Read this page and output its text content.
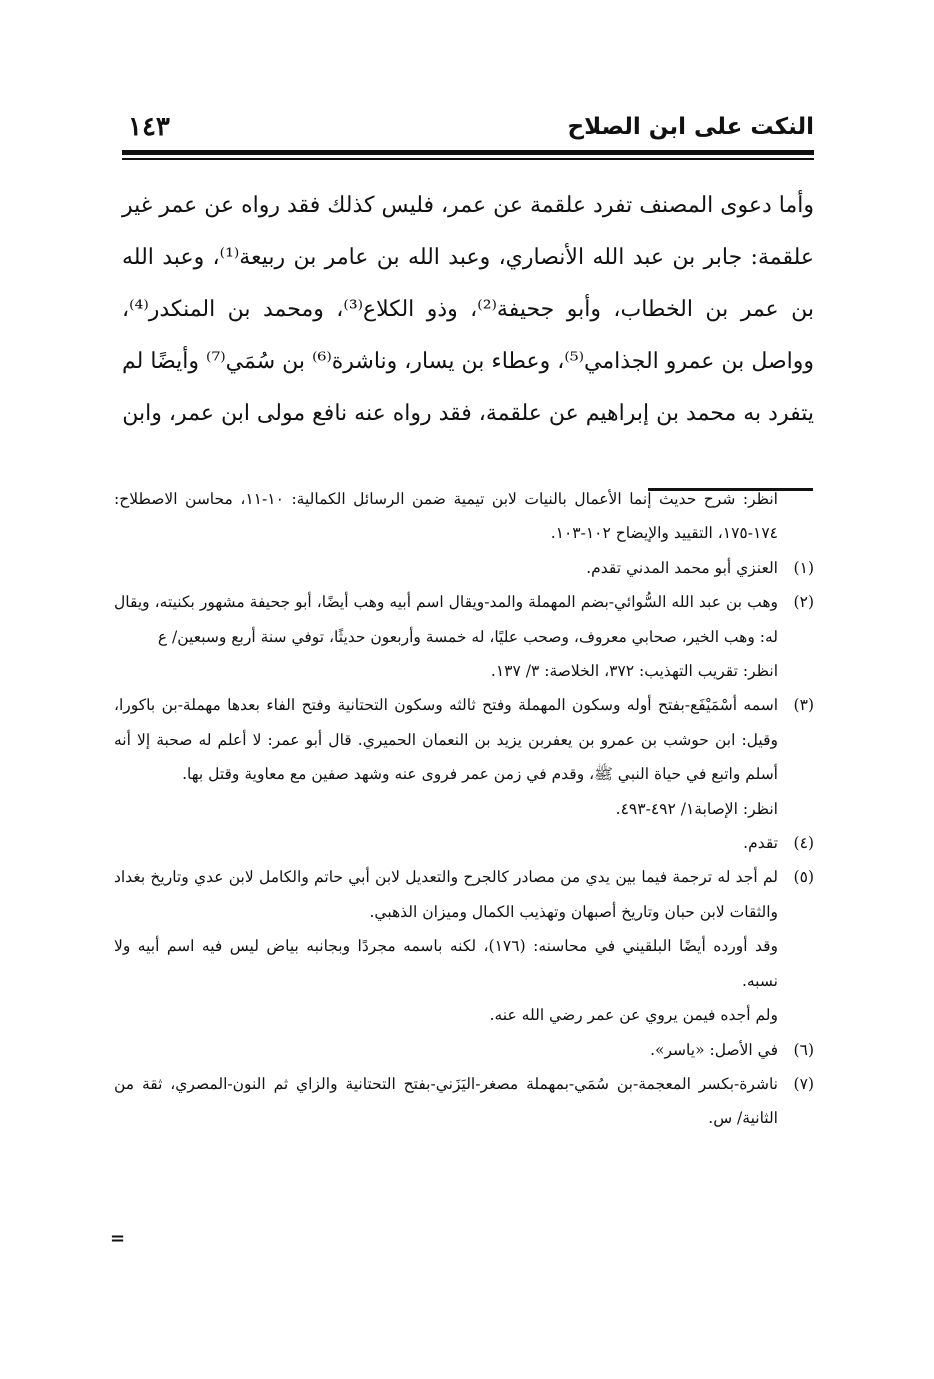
النكت على ابن الصلاح
١٤٣

وأما دعوى المصنف تفرد علقمة عن عمر، فليس كذلك فقد رواه عن عمر غير علقمة: جابر بن عبد الله الأنصاري، وعبد الله بن عامر بن ربيعة⁽¹⁾، وعبد الله بن عمر بن الخطاب، وأبو جحيفة⁽²⁾، وذو الكلاع⁽³⁾، ومحمد بن المنكدر⁽⁴⁾، وواصل بن عمرو الجذامي⁽⁵⁾، وعطاء بن يسار، وناشرة⁽⁶⁾ بن سُمَي⁽⁷⁾ وأيضًا لم يتفرد به محمد بن إبراهيم عن علقمة، فقد رواه عنه نافع مولى ابن عمر، وابن

انظر: شرح حديث إنما الأعمال بالنيات لابن تيمية ضمن الرسائل الكمالية: ١٠-١١، محاسن الاصطلاح: ١٧٤-١٧٥، التقييد والإيضاح ١٠٢-١٠٣.

(١)

العنزي أبو محمد المدني تقدم.

(٢)

وهب بن عبد الله السُّوائي-بضم المهملة والمد-ويقال اسم أبيه وهب أيضًا، أبو جحيفة مشهور بكنيته، ويقال له: وهب الخير، صحابي معروف، وصحب عليًا، له خمسة وأربعون حديثًا، توفي سنة أربع وسبعين/ ع

انظر: تقريب التهذيب: ٣٧٢، الخلاصة: ٣/ ١٣٧.

(٣)

اسمه أسْمَيْفَع-بفتح أوله وسكون المهملة وفتح ثالثه وسكون التحتانية وفتح الفاء بعدها مهملة-بن باكورا، وقيل: ابن حوشب بن عمرو بن يعفربن يزيد بن النعمان الحميري. قال أبو عمر: لا أعلم له صحبة إلا أنه أسلم واتبع في حياة النبي ﷺ، وقدم في زمن عمر فروى عنه وشهد صفين مع معاوية وقتل بها.

انظر: الإصابة١/ ٤٩٢-٤٩٣.

(٤)

تقدم.

(٥)

لم أجد له ترجمة فيما بين يدي من مصادر كالجرح والتعديل لابن أبي حاتم والكامل لابن عدي وتاريخ بغداد والثقات لابن حبان وتاريخ أصبهان وتهذيب الكمال وميزان الذهبي.

وقد أورده أيضًا البلقيني في محاسنه: (١٧٦)، لكنه باسمه مجردًا وبجانبه بياض ليس فيه اسم أبيه ولا نسبه.

ولم أجده فيمن يروي عن عمر رضي الله عنه.

(٦)

في الأصل: «ياسر».

(٧)

ناشرة-بكسر المعجمة-بن سُمَي-بمهملة مصغر-اليَزَني-بفتح التحتانية والزاي ثم النون-المصري، ثقة من الثانية/ س.

=
